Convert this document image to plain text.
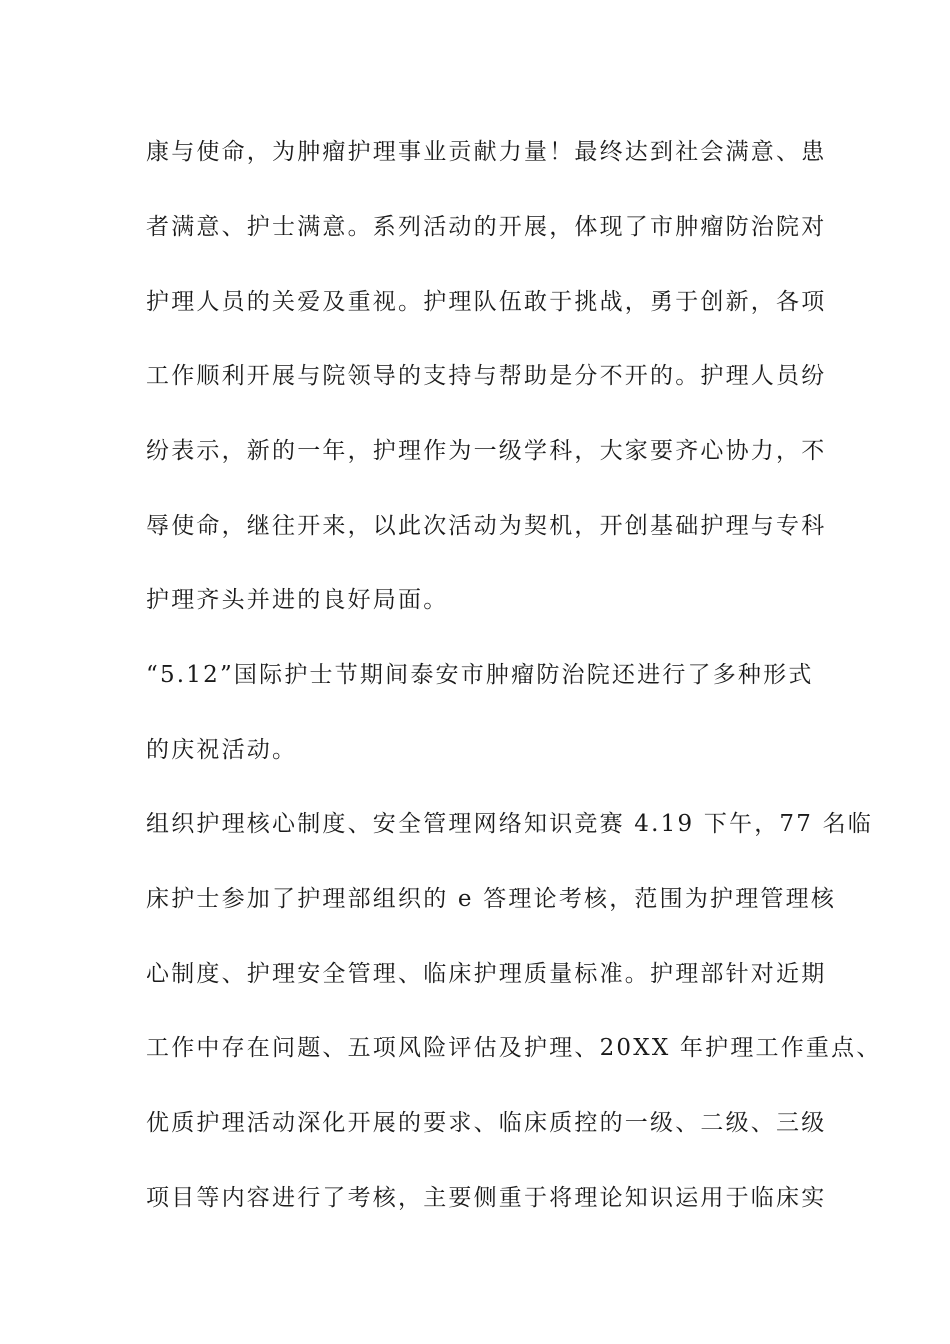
康与使命，为肿瘤护理事业贡献力量！最终达到社会满意、患
者满意、护士满意。系列活动的开展，体现了市肿瘤防治院对
护理人员的关爱及重视。护理队伍敢于挑战，勇于创新，各项
工作顺利开展与院领导的支持与帮助是分不开的。护理人员纷
纷表示，新的一年，护理作为一级学科，大家要齐心协力，不
辱使命，继往开来，以此次活动为契机，开创基础护理与专科
护理齐头并进的良好局面。
“5.12”国际护士节期间泰安市肿瘤防治院还进行了多种形式
的庆祝活动。
组织护理核心制度、安全管理网络知识竞赛 4.19 下午，77 名临
床护士参加了护理部组织的 e 答理论考核，范围为护理管理核
心制度、护理安全管理、临床护理质量标准。护理部针对近期
工作中存在问题、五项风险评估及护理、20XX 年护理工作重点、
优质护理活动深化开展的要求、临床质控的一级、二级、三级
项目等内容进行了考核，主要侧重于将理论知识运用于临床实
